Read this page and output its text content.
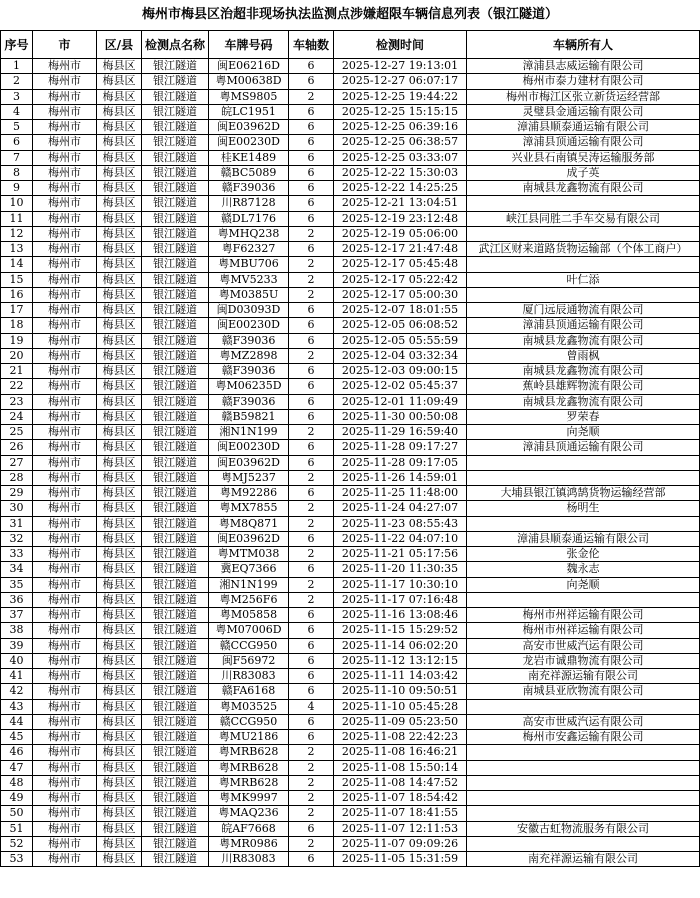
梅州市梅县区治超非现场执法监测点涉嫌超限车辆信息列表（银江隧道）
序号	市	区/县	检测点名称	车牌号码	车轴数	检测时间	车辆所有人
1	梅州市	梅县区	银江隧道	闽E06216D	6	2025-12-27 19:13:01	漳浦县志威运输有限公司
2	梅州市	梅县区	银江隧道	粤M00638D	6	2025-12-27 06:07:17	梅州市泰力建材有限公司
3	梅州市	梅县区	银江隧道	粤MS9805	2	2025-12-25 19:44:22	梅州市梅江区张立新货运经营部
4	梅州市	梅县区	银江隧道	皖LC1951	6	2025-12-25 15:15:15	灵璧县金通运输有限公司
5	梅州市	梅县区	银江隧道	闽E03962D	6	2025-12-25 06:39:16	漳浦县顺泰通运输有限公司
6	梅州市	梅县区	银江隧道	闽E00230D	6	2025-12-25 06:38:57	漳浦县顶通运输有限公司
7	梅州市	梅县区	银江隧道	桂KE1489	6	2025-12-25 03:33:07	兴业县石南镇吴涛运输服务部
8	梅州市	梅县区	银江隧道	赣BC5089	6	2025-12-22 15:30:03	成子英
9	梅州市	梅县区	银江隧道	赣F39036	6	2025-12-22 14:25:25	南城县龙鑫物流有限公司
10	梅州市	梅县区	银江隧道	川R87128	6	2025-12-21 13:04:51	
11	梅州市	梅县区	银江隧道	赣DL7176	6	2025-12-19 23:12:48	峡江县同胜二手车交易有限公司
12	梅州市	梅县区	银江隧道	粤MHQ238	2	2025-12-19 05:06:00	
13	梅州市	梅县区	银江隧道	粤F62327	6	2025-12-17 21:47:48	武江区财来道路货物运输部（个体工商户）
14	梅州市	梅县区	银江隧道	粤MBU706	2	2025-12-17 05:45:48	
15	梅州市	梅县区	银江隧道	粤MV5233	2	2025-12-17 05:22:42	叶仁添
16	梅州市	梅县区	银江隧道	粤M0385U	2	2025-12-17 05:00:30	
17	梅州市	梅县区	银江隧道	闽D03093D	6	2025-12-07 18:01:55	厦门远辰通物流有限公司
18	梅州市	梅县区	银江隧道	闽E00230D	6	2025-12-05 06:08:52	漳浦县顶通运输有限公司
19	梅州市	梅县区	银江隧道	赣F39036	6	2025-12-05 05:55:59	南城县龙鑫物流有限公司
20	梅州市	梅县区	银江隧道	粤MZ2898	2	2025-12-04 03:32:34	曾雨枫
21	梅州市	梅县区	银江隧道	赣F39036	6	2025-12-03 09:00:15	南城县龙鑫物流有限公司
22	梅州市	梅县区	银江隧道	粤M06235D	6	2025-12-02 05:45:37	蕉岭县雄辉物流有限公司
23	梅州市	梅县区	银江隧道	赣F39036	6	2025-12-01 11:09:49	南城县龙鑫物流有限公司
24	梅州市	梅县区	银江隧道	赣B59821	6	2025-11-30 00:50:08	罗荣春
25	梅州市	梅县区	银江隧道	湘N1N199	2	2025-11-29 16:59:40	向尧顺
26	梅州市	梅县区	银江隧道	闽E00230D	6	2025-11-28 09:17:27	漳浦县顶通运输有限公司
27	梅州市	梅县区	银江隧道	闽E03962D	6	2025-11-28 09:17:05	
28	梅州市	梅县区	银江隧道	粤MJ5237	2	2025-11-26 14:59:01	
29	梅州市	梅县区	银江隧道	粤M92286	6	2025-11-25 11:48:00	大埔县银江镇鸿鹄货物运输经营部
30	梅州市	梅县区	银江隧道	粤MX7855	2	2025-11-24 04:27:07	杨明生
31	梅州市	梅县区	银江隧道	粤M8Q871	2	2025-11-23 08:55:43	
32	梅州市	梅县区	银江隧道	闽E03962D	6	2025-11-22 04:07:10	漳浦县顺泰通运输有限公司
33	梅州市	梅县区	银江隧道	粤MTM038	2	2025-11-21 05:17:56	张金伦
34	梅州市	梅县区	银江隧道	冀EQ7366	6	2025-11-20 11:30:35	魏永志
35	梅州市	梅县区	银江隧道	湘N1N199	2	2025-11-17 10:30:10	向尧顺
36	梅州市	梅县区	银江隧道	粤M256F6	2	2025-11-17 07:16:48	
37	梅州市	梅县区	银江隧道	粤M05858	6	2025-11-16 13:08:46	梅州市州祥运输有限公司
38	梅州市	梅县区	银江隧道	粤M07006D	6	2025-11-15 15:29:52	梅州市州祥运输有限公司
39	梅州市	梅县区	银江隧道	赣CCG950	6	2025-11-14 06:02:20	高安市世威汽运有限公司
40	梅州市	梅县区	银江隧道	闽F56972	6	2025-11-12 13:12:15	龙岩市诚鼎物流有限公司
41	梅州市	梅县区	银江隧道	川R83083	6	2025-11-11 14:03:42	南充祥源运输有限公司
42	梅州市	梅县区	银江隧道	赣FA6168	6	2025-11-10 09:50:51	南城县亚欣物流有限公司
43	梅州市	梅县区	银江隧道	粤M03525	4	2025-11-10 05:45:28	
44	梅州市	梅县区	银江隧道	赣CCG950	6	2025-11-09 05:23:50	高安市世威汽运有限公司
45	梅州市	梅县区	银江隧道	粤MU2186	6	2025-11-08 22:42:23	梅州市安鑫运输有限公司
46	梅州市	梅县区	银江隧道	粤MRB628	2	2025-11-08 16:46:21	
47	梅州市	梅县区	银江隧道	粤MRB628	2	2025-11-08 15:50:14	
48	梅州市	梅县区	银江隧道	粤MRB628	2	2025-11-08 14:47:52	
49	梅州市	梅县区	银江隧道	粤MK9997	2	2025-11-07 18:54:42	
50	梅州市	梅县区	银江隧道	粤MAQ236	2	2025-11-07 18:41:55	
51	梅州市	梅县区	银江隧道	皖AF7668	6	2025-11-07 12:11:53	安徽古虹物流服务有限公司
52	梅州市	梅县区	银江隧道	粤MR0986	2	2025-11-07 09:09:26	
53	梅州市	梅县区	银江隧道	川R83083	6	2025-11-05 15:31:59	南充祥源运输有限公司
